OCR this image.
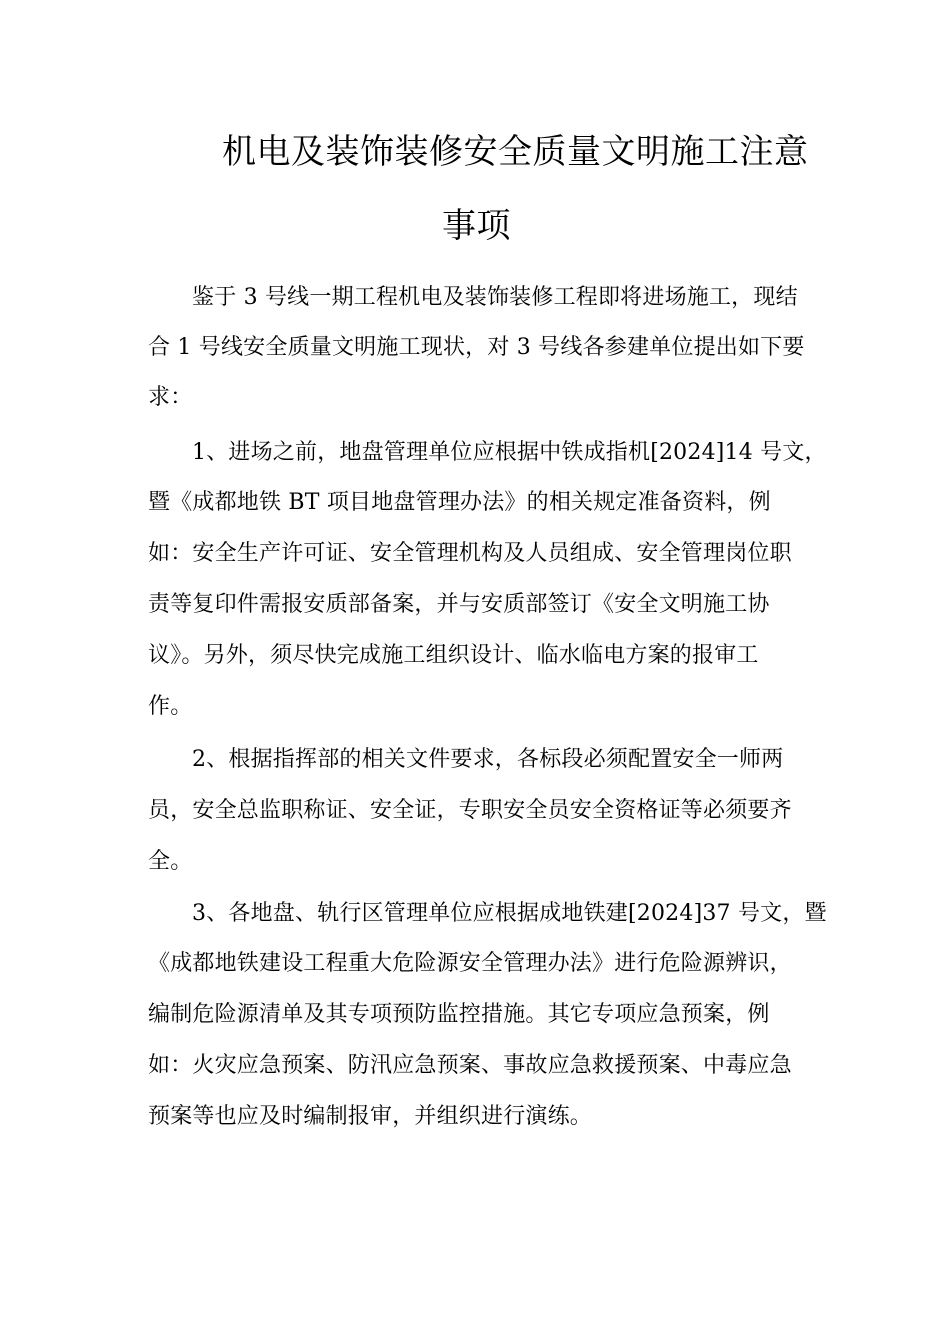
机电及装饰装修安全质量文明施工注意
事项
鉴于 3 号线一期工程机电及装饰装修工程即将进场施工，现结
合 1 号线安全质量文明施工现状，对 3 号线各参建单位提出如下要
求：
1、进场之前，地盘管理单位应根据中铁成指机[2024]14 号文，
暨《成都地铁 BT 项目地盘管理办法》的相关规定准备资料，例
如：安全生产许可证、安全管理机构及人员组成、安全管理岗位职
责等复印件需报安质部备案，并与安质部签订《安全文明施工协
议》。另外，须尽快完成施工组织设计、临水临电方案的报审工
作。
2、根据指挥部的相关文件要求，各标段必须配置安全一师两
员，安全总监职称证、安全证，专职安全员安全资格证等必须要齐
全。
3、各地盘、轨行区管理单位应根据成地铁建[2024]37 号文，暨
《成都地铁建设工程重大危险源安全管理办法》进行危险源辨识，
编制危险源清单及其专项预防监控措施。其它专项应急预案，例
如：火灾应急预案、防汛应急预案、事故应急救援预案、中毒应急
预案等也应及时编制报审，并组织进行演练。
